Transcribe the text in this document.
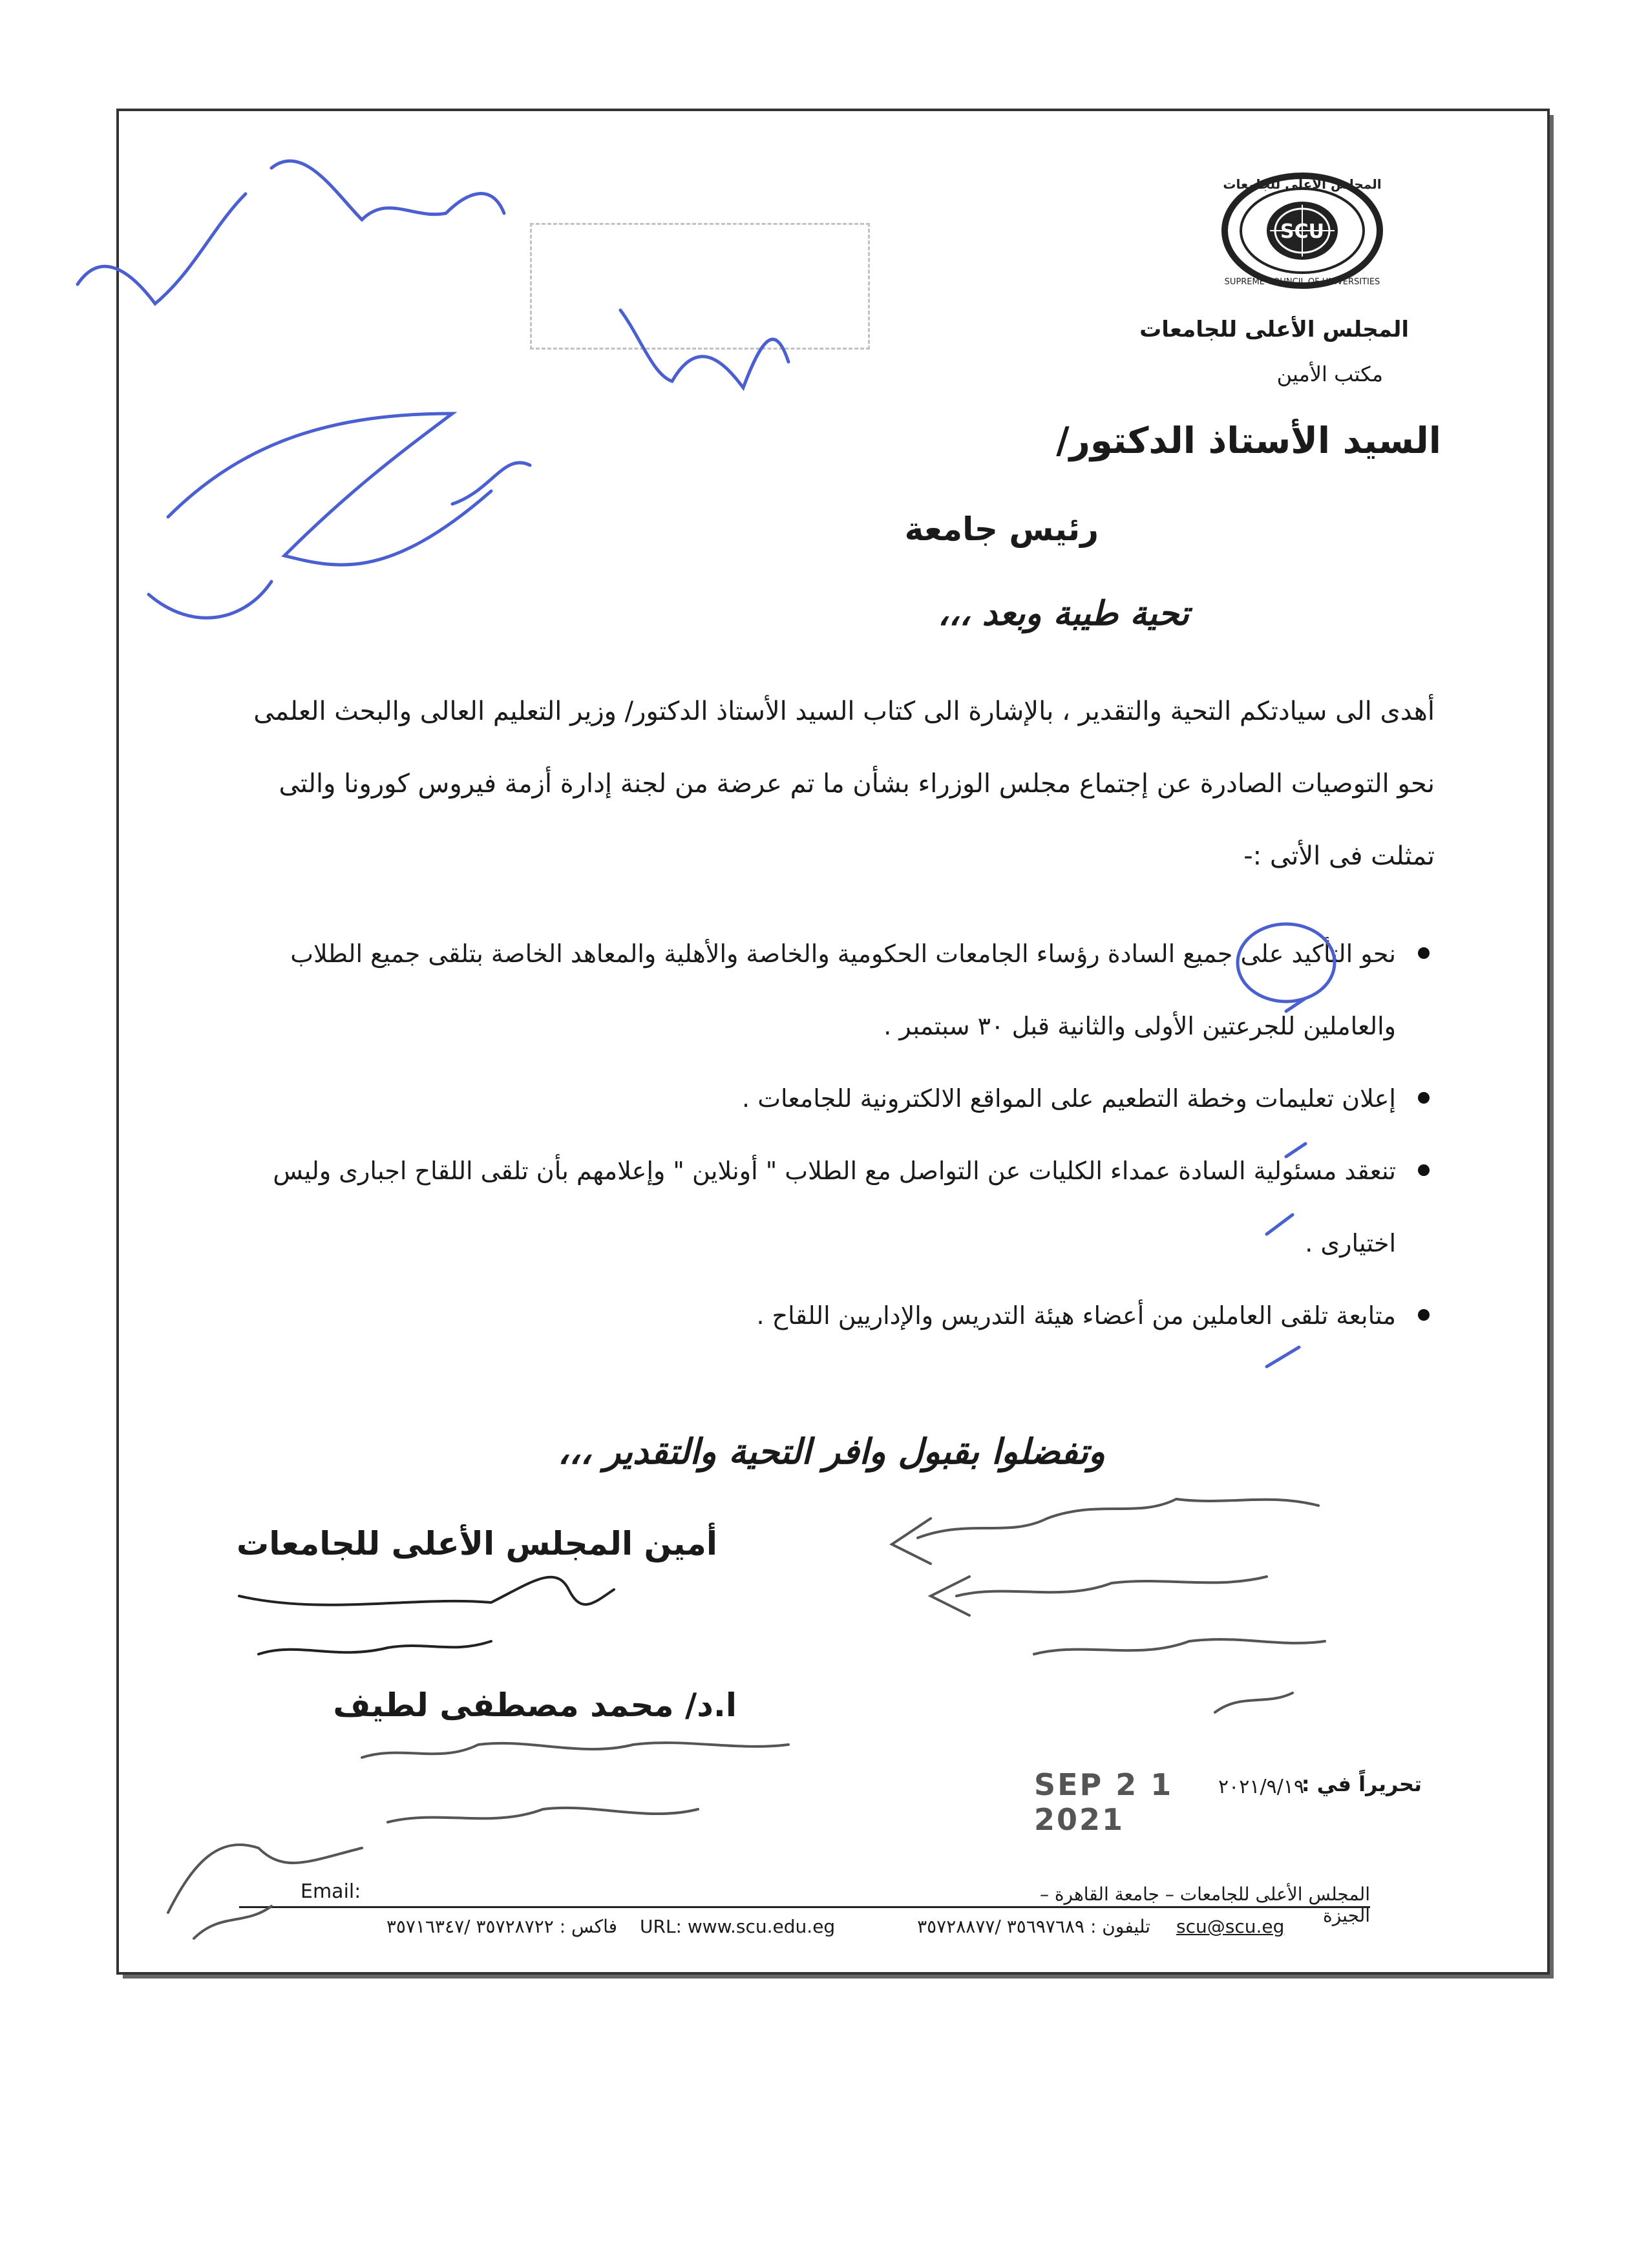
SCU
المجلس الأعلى للجامعات
SUPREME COUNCIL OF UNIVERSITIES
المجلس الأعلى للجامعات
مكتب الأمين
السيد الأستاذ الدكتور/
رئيس جامعة
تحية طيبة وبعد ،،،
أهدى الى سيادتكم التحية والتقدير ، بالإشارة الى كتاب السيد الأستاذ الدكتور/ وزير التعليم العالى والبحث العلمى نحو التوصيات الصادرة عن إجتماع مجلس الوزراء بشأن ما تم عرضة من لجنة إدارة أزمة فيروس كورونا والتى تمثلت فى الأتى :-
نحو التأكيد على جميع السادة رؤساء الجامعات الحكومية والخاصة والأهلية والمعاهد الخاصة بتلقى جميع الطلاب والعاملين للجرعتين الأولى والثانية قبل ٣٠ سبتمبر .
إعلان تعليمات وخطة التطعيم على المواقع الالكترونية للجامعات .
تنعقد مسئولية السادة عمداء الكليات عن التواصل مع الطلاب " أونلاين " وإعلامهم بأن تلقى اللقاح اجبارى وليس اختيارى .
متابعة تلقى العاملين من أعضاء هيئة التدريس والإداريين اللقاح .
وتفضلوا بقبول وافر التحية والتقدير ،،،
أمين المجلس الأعلى للجامعات
ا.د/ محمد مصطفى لطيف
تحريراً في :
٢٠٢١/٩/١٩
SEP 2 1 2021
المجلس الأعلى للجامعات – جامعة القاهرة – الجيزة
Email:
scu@scu.eg
تليفون : ٣٥٦٩٧٦٨٩ /٣٥٧٢٨٨٧٧
URL: www.scu.edu.eg
فاكس : ٣٥٧٢٨٧٢٢ /٣٥٧١٦٣٤٧
